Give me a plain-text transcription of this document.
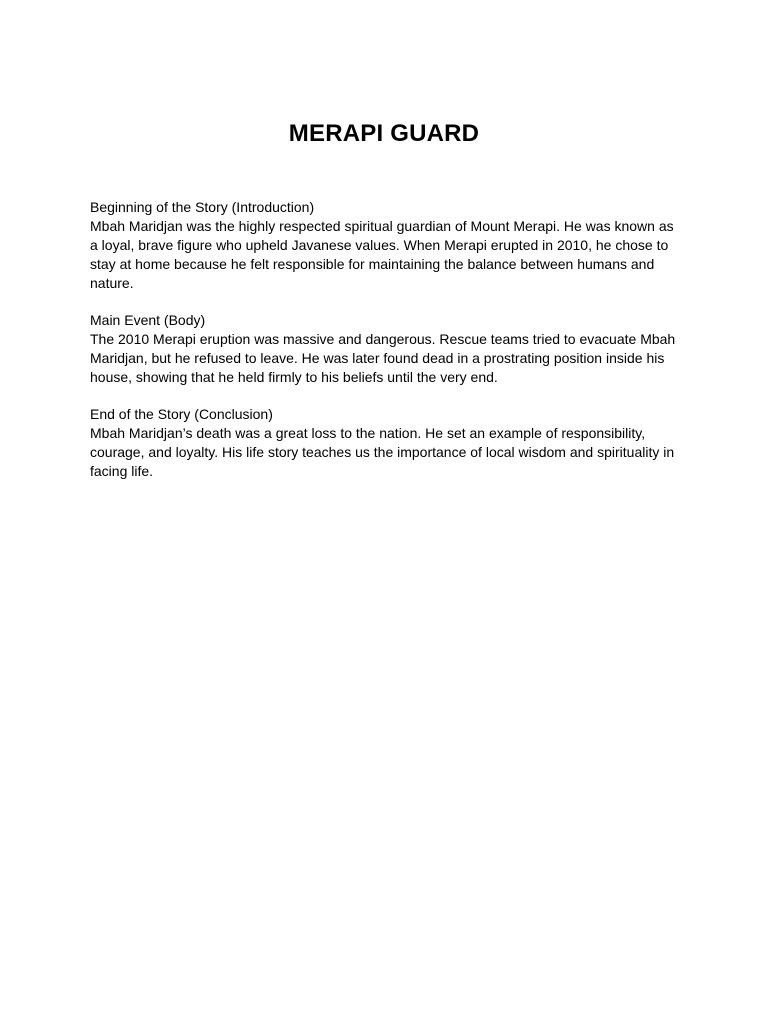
MERAPI GUARD

Beginning of the Story (Introduction)

Mbah Maridjan was the highly respected spiritual guardian of Mount Merapi. He was known as a loyal, brave figure who upheld Javanese values. When Merapi erupted in 2010, he chose to stay at home because he felt responsible for maintaining the balance between humans and nature.

Main Event (Body)

The 2010 Merapi eruption was massive and dangerous. Rescue teams tried to evacuate Mbah Maridjan, but he refused to leave. He was later found dead in a prostrating position inside his house, showing that he held firmly to his beliefs until the very end.

End of the Story (Conclusion)

Mbah Maridjan’s death was a great loss to the nation. He set an example of responsibility, courage, and loyalty. His life story teaches us the importance of local wisdom and spirituality in facing life.
